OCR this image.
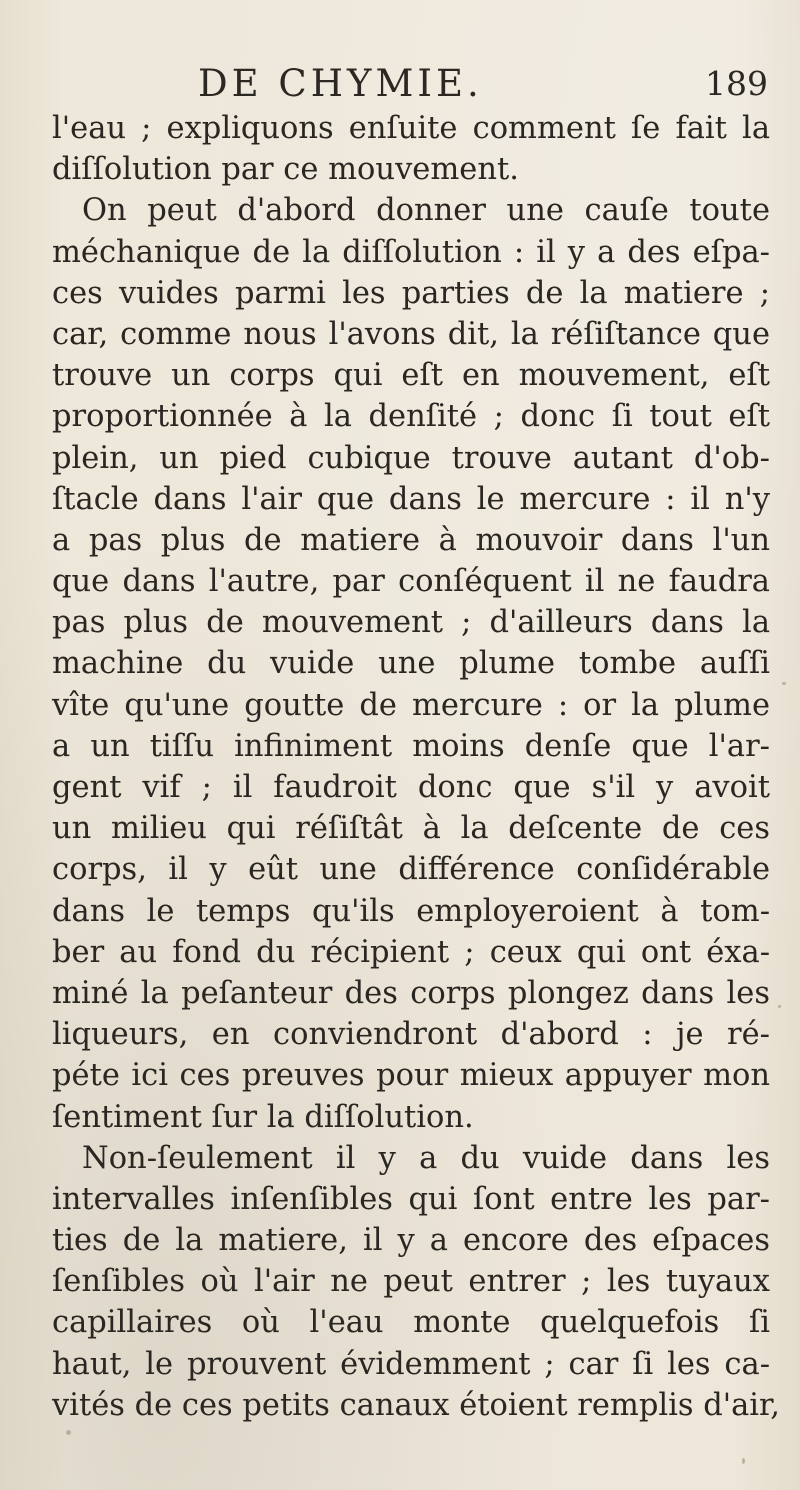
DE CHYMIE.	189
l'eau ; expliquons enſuite comment ſe fait la
diſſolution par ce mouvement.
On peut d'abord donner une cauſe toute
méchanique de la diſſolution : il y a des eſpa-
ces vuides parmi les parties de la matiere ;
car, comme nous l'avons dit, la réſiſtance que
trouve un corps qui eſt en mouvement, eſt
proportionnée à la denſité ; donc ſi tout eſt
plein, un pied cubique trouve autant d'ob-
ſtacle dans l'air que dans le mercure : il n'y
a pas plus de matiere à mouvoir dans l'un
que dans l'autre, par conſéquent il ne faudra
pas plus de mouvement ; d'ailleurs dans la
machine du vuide une plume tombe auſſi
vîte qu'une goutte de mercure : or la plume
a un tiſſu infiniment moins denſe que l'ar-
gent vif ; il faudroit donc que s'il y avoit
un milieu qui réſiſtât à la deſcente de ces
corps, il y eût une différence conſidérable
dans le temps qu'ils employeroient à tom-
ber au fond du récipient ; ceux qui ont éxa-
miné la peſanteur des corps plongez dans les
liqueurs, en conviendront d'abord : je ré-
péte ici ces preuves pour mieux appuyer mon
ſentiment ſur la diſſolution.
Non-ſeulement il y a du vuide dans les
intervalles inſenſibles qui ſont entre les par-
ties de la matiere, il y a encore des eſpaces
ſenſibles où l'air ne peut entrer ; les tuyaux
capillaires où l'eau monte quelquefois ſi
haut, le prouvent évidemment ; car ſi les ca-
vités de ces petits canaux étoient remplis d'air,
